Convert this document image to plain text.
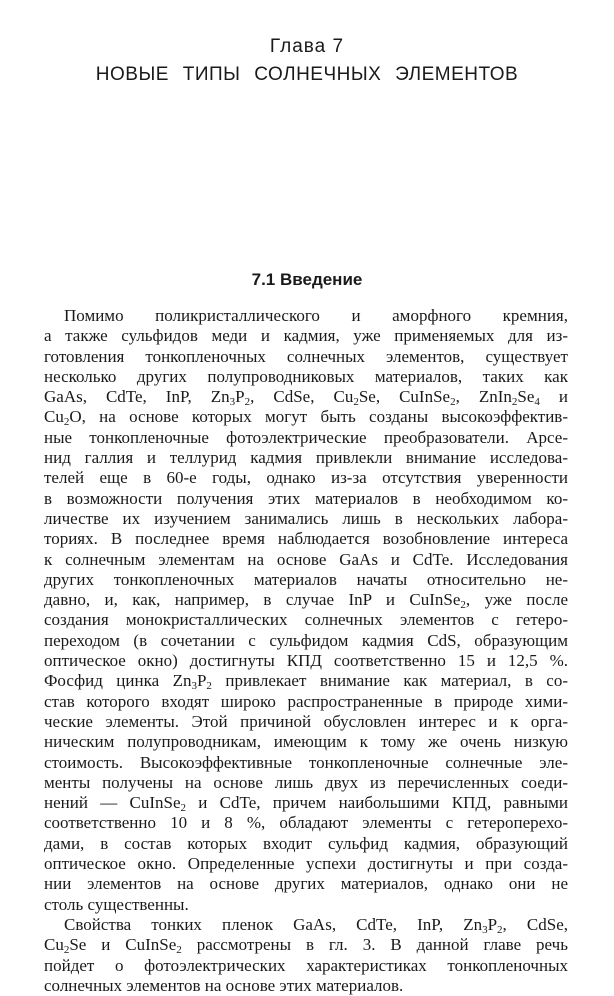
Глава 7
НОВЫЕ ТИПЫ СОЛНЕЧНЫХ ЭЛЕМЕНТОВ
7.1 Введение
Помимо поликристаллического и аморфного кремния,
а также сульфидов меди и кадмия, уже применяемых для из-
готовления тонкопленочных солнечных элементов, существует
несколько других полупроводниковых материалов, таких как
GaAs, CdTe, InP, $Zn_3P_2$, CdSe, $Cu_2Se$, CuInSe$_2$, $ZnIn_2Se_4$ и
$Cu_2O$, на основе которых могут быть созданы высокоэффектив-
ные тонкопленочные фотоэлектрические преобразователи. Арсе-
нид галлия и теллурид кадмия привлекли внимание исследова-
телей еще в 60-е годы, однако из-за отсутствия уверенности
в возможности получения этих материалов в необходимом ко-
личестве их изучением занимались лишь в нескольких лабора-
ториях. В последнее время наблюдается возобновление интереса
к солнечным элементам на основе GaAs и CdTe. Исследования
других тонкопленочных материалов начаты относительно не-
давно, и, как, например, в случае InP и CuInSe$_2$, уже после
создания монокристаллических солнечных элементов с гетеро-
переходом (в сочетании с сульфидом кадмия CdS, образующим
оптическое окно) достигнуты КПД соответственно 15 и 12,5 %.
Фосфид цинка $Zn_3P_2$ привлекает внимание как материал, в со-
став которого входят широко распространенные в природе хими-
ческие элементы. Этой причиной обусловлен интерес и к орга-
ническим полупроводникам, имеющим к тому же очень низкую
стоимость. Высокоэффективные тонкопленочные солнечные эле-
менты получены на основе лишь двух из перечисленных соеди-
нений — CuInSe$_2$ и CdTe, причем наибольшими КПД, равными
соответственно 10 и 8 %, обладают элементы с гетероперехо-
дами, в состав которых входит сульфид кадмия, образующий
оптическое окно. Определенные успехи достигнуты и при созда-
нии элементов на основе других материалов, однако они не
столь существенны.
Свойства тонких пленок GaAs, CdTe, InP, $Zn_3P_2$, CdSe,
$Cu_2Se$ и CuInSe$_2$ рассмотрены в гл. 3. В данной главе речь
пойдет о фотоэлектрических характеристиках тонкопленочных
солнечных элементов на основе этих материалов.
